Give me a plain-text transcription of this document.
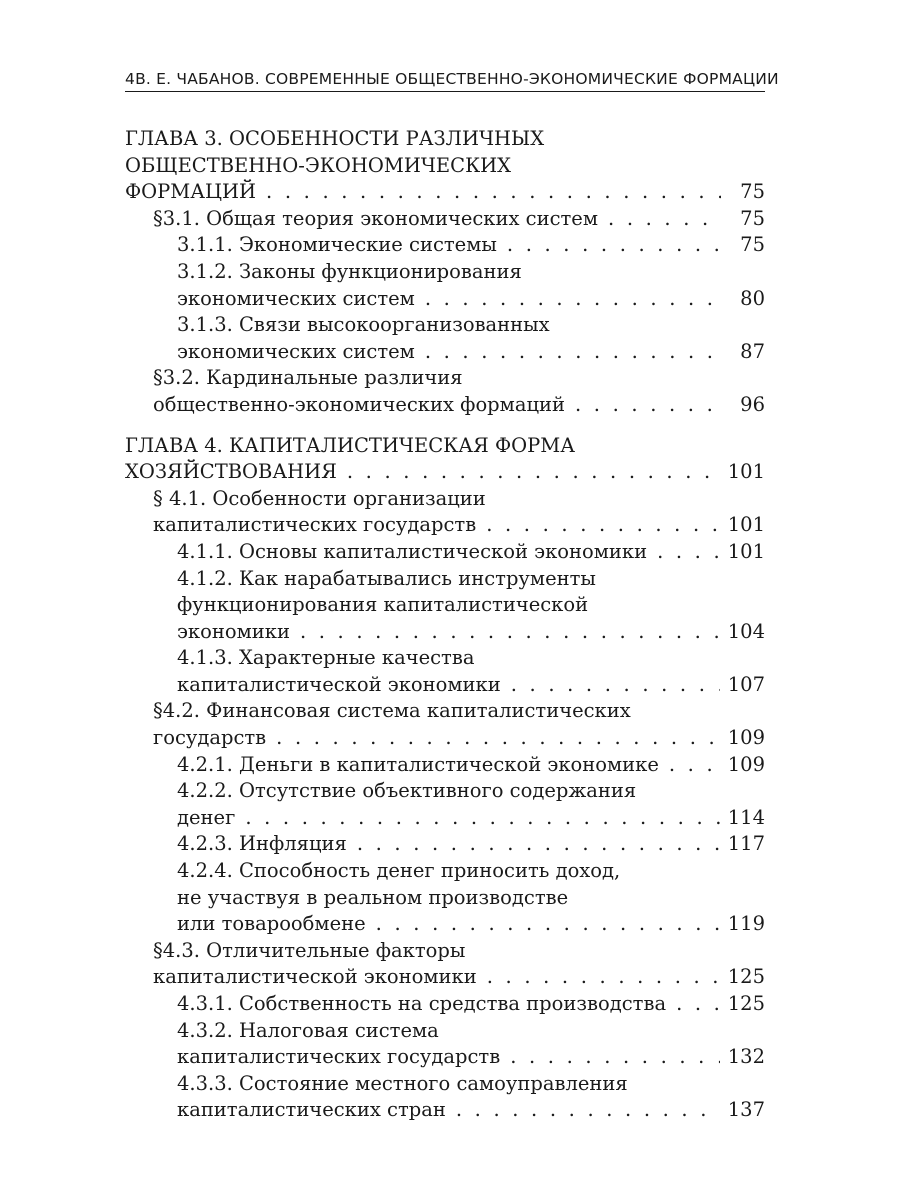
4 В. Е. ЧАБАНОВ. СОВРЕМЕННЫЕ ОБЩЕСТВЕННО-ЭКОНОМИЧЕСКИЕ ФОРМАЦИИ
ГЛАВА 3. ОСОБЕННОСТИ РАЗЛИЧНЫХ
ОБЩЕСТВЕННО-ЭКОНОМИЧЕСКИХ
ФОРМАЦИЙ . . .	75
§3.1. Общая теория экономических систем . . .	75
3.1.1. Экономические системы . . .	75
3.1.2. Законы функционирования
экономических систем . . .	80
3.1.3. Связи высокоорганизованных
экономических систем . . .	87
§3.2. Кардинальные различия
общественно-экономических формаций . . .	96
ГЛАВА 4. КАПИТАЛИСТИЧЕСКАЯ ФОРМА
ХОЗЯЙСТВОВАНИЯ . . .	101
§ 4.1. Особенности организации
капиталистических государств . . .	101
4.1.1. Основы капиталистической экономики . . .	101
4.1.2. Как нарабатывались инструменты
функционирования капиталистической
экономики . . .	104
4.1.3. Характерные качества
капиталистической экономики . . .	107
§4.2. Финансовая система капиталистических
государств . . .	109
4.2.1. Деньги в капиталистической экономике . . .	109
4.2.2. Отсутствие объективного содержания
денег . . .	114
4.2.3. Инфляция . . .	117
4.2.4. Способность денег приносить доход,
не участвуя в реальном производстве
или товарообмене . . .	119
§4.3. Отличительные факторы
капиталистической экономики . . .	125
4.3.1. Собственность на средства производства . . .	125
4.3.2. Налоговая система
капиталистических государств . . .	132
4.3.3. Состояние местного самоуправления
капиталистических стран . . .	137
